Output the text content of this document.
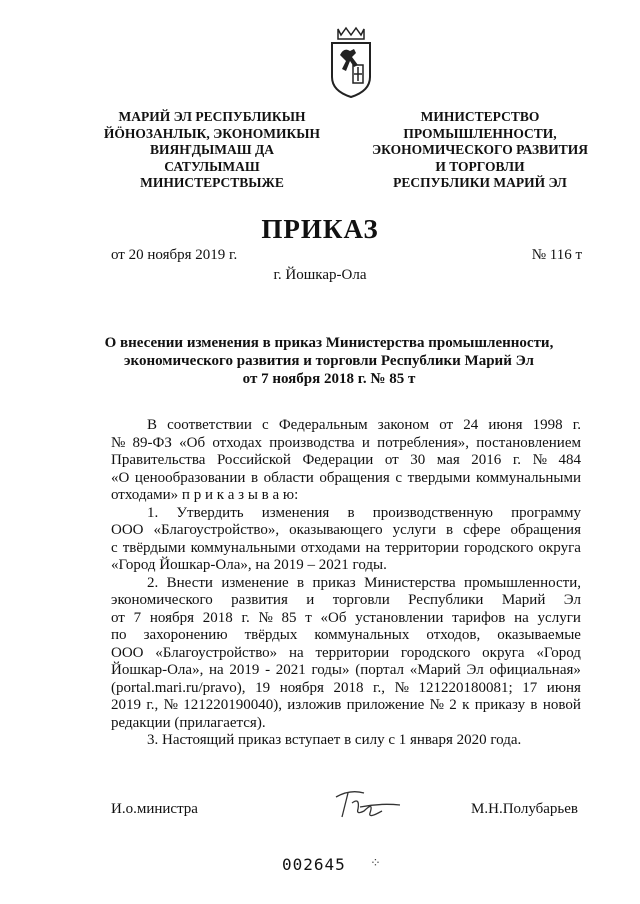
МАРИЙ ЭЛ РЕСПУБЛИКЫН
ЙӦНОЗАНЛЫК, ЭКОНОМИКЫН
ВИЯҤДЫМАШ ДА
САТУЛЫМАШ
МИНИСТЕРСТВЫЖЕ
МИНИСТЕРСТВО
ПРОМЫШЛЕННОСТИ,
ЭКОНОМИЧЕСКОГО РАЗВИТИЯ
И ТОРГОВЛИ
РЕСПУБЛИКИ МАРИЙ ЭЛ
ПРИКАЗ
от 20 ноября 2019 г.	№ 116 т
г. Йошкар-Ола
О внесении изменения в приказ Министерства промышленности,
экономического развития и торговли Республики Марий Эл
от 7 ноября 2018 г. № 85 т
В соответствии с Федеральным законом от 24 июня 1998 г.
№ 89-ФЗ «Об отходах производства и потребления», постановлением
Правительства Российской Федерации от 30 мая 2016 г. № 484
«О ценообразовании в области обращения с твердыми коммунальными
отходами» п р и к а з ы в а ю:
1. Утвердить изменения в производственную программу
ООО «Благоустройство», оказывающего услуги в сфере обращения
с твёрдыми коммунальными отходами на территории городского округа
«Город Йошкар-Ола», на 2019 – 2021 годы.
2. Внести изменение в приказ Министерства промышленности,
экономического развития и торговли Республики Марий Эл
от 7 ноября 2018 г. № 85 т «Об установлении тарифов на услуги
по захоронению твёрдых коммунальных отходов, оказываемые
ООО «Благоустройство» на территории городского округа «Город
Йошкар-Ола», на 2019 - 2021 годы» (портал «Марий Эл официальная»
(portal.mari.ru/pravo), 19 ноября 2018 г., № 121220180081; 17 июня
2019 г., № 121220190040), изложив приложение № 2 к приказу в новой
редакции (прилагается).
3. Настоящий приказ вступает в силу с 1 января 2020 года.
И.о.министра	М.Н.Полубарьев
002645 ⁘
